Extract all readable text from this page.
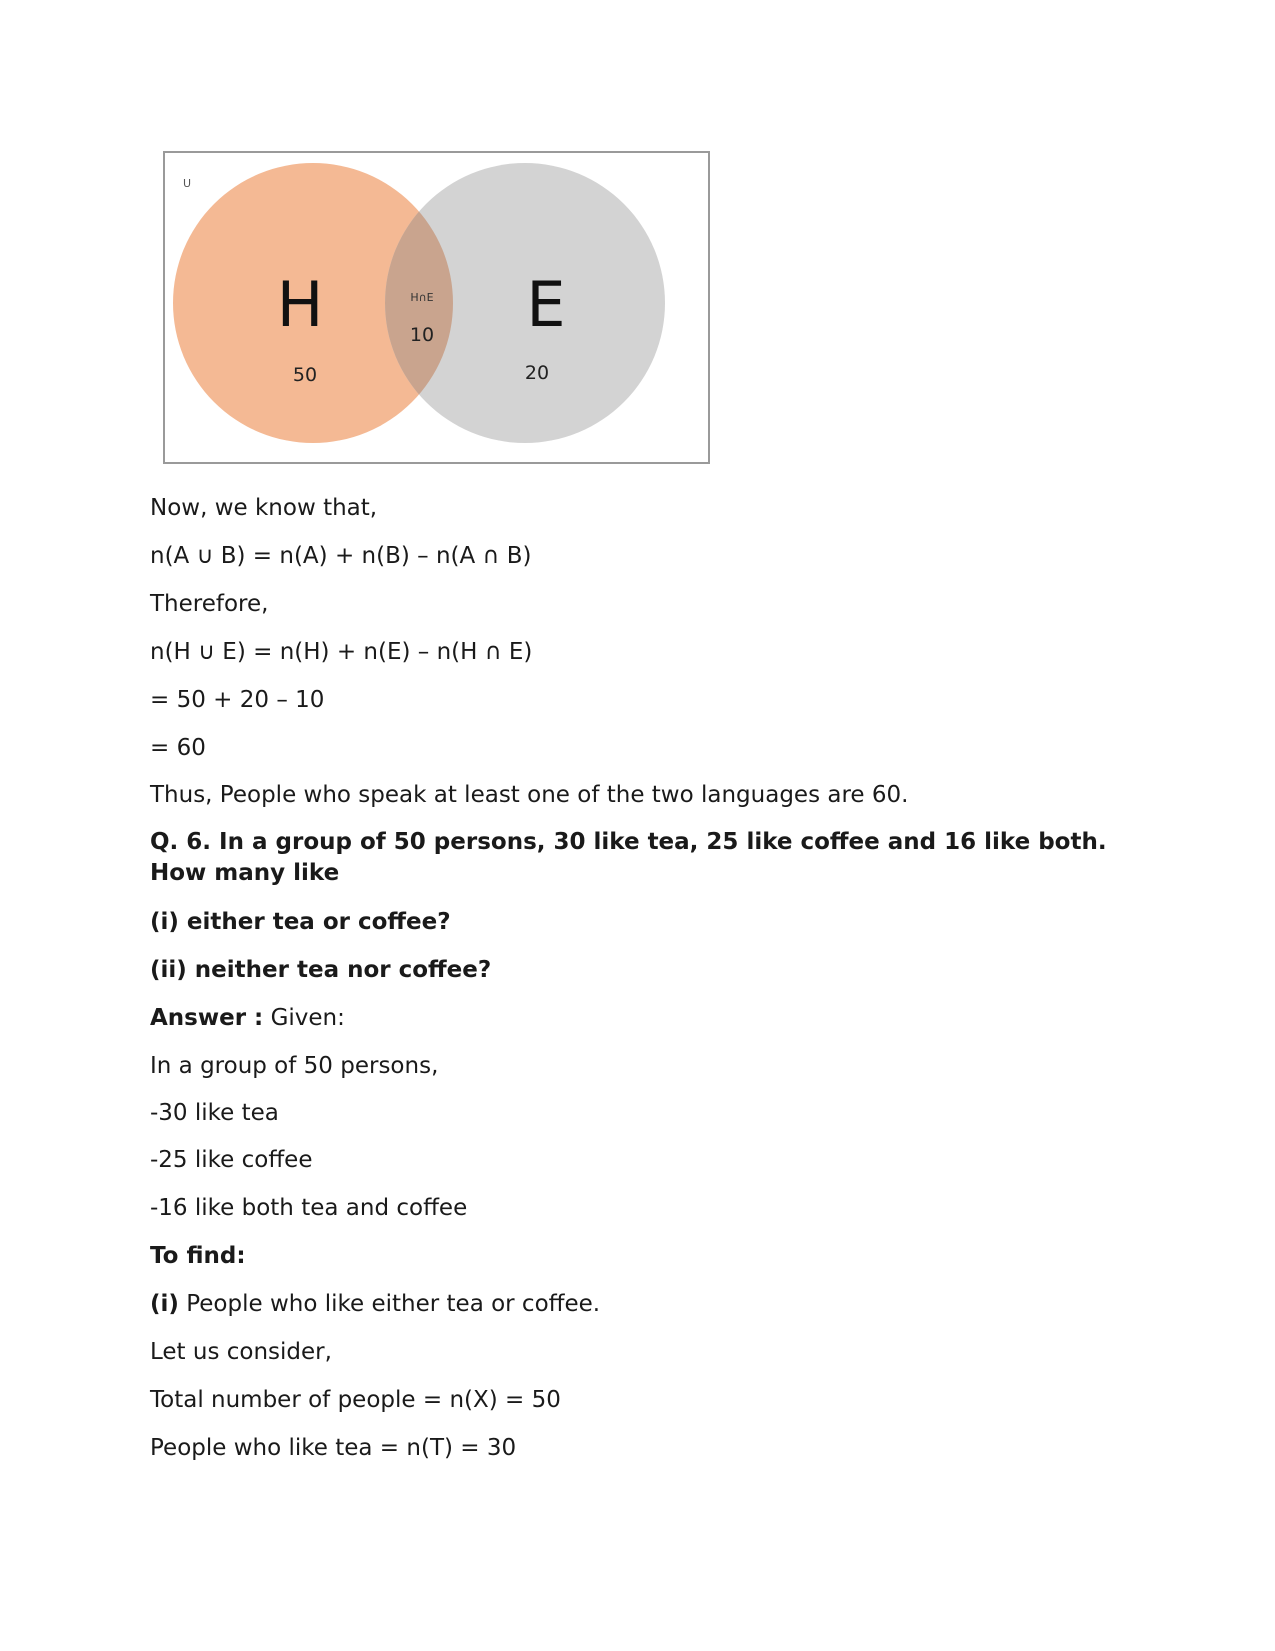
U
H
50
H∩E
10 E
20
Now, we know that,
n(A ∪ B) = n(A) + n(B) – n(A ∩ B)
Therefore,
n(H ∪ E) = n(H) + n(E) – n(H ∩ E)
= 50 + 20 – 10
= 60
Thus, People who speak at least one of the two languages are 60.
Q. 6. In a group of 50 persons, 30 like tea, 25 like coffee and 16 like both. How many like
(i) either tea or coffee?
(ii) neither tea nor coffee?
Answer : Given:
In a group of 50 persons,
-30 like tea
-25 like coffee
-16 like both tea and coffee
To find:
(i) People who like either tea or coffee.
Let us consider,
Total number of people = n(X) = 50
People who like tea = n(T) = 30
